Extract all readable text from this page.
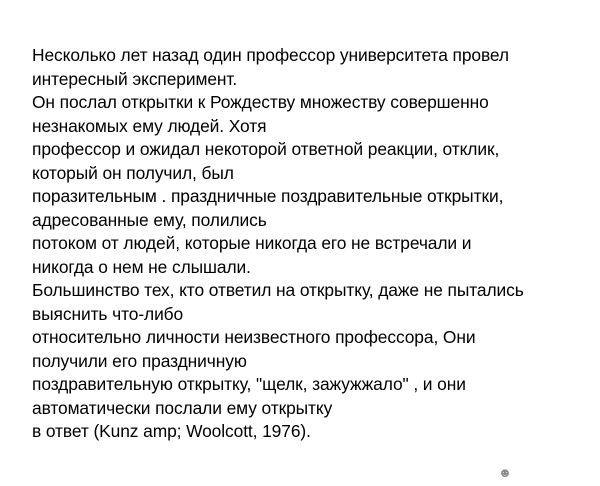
Несколько лет назад один профессор университета провел
интересный эксперимент.
Он послал открытки к Рождеству множеству совершенно
незнакомых ему людей. Хотя
профессор и ожидал некоторой ответной реакции, отклик,
который он получил, был
поразительным . праздничные поздравительные открытки,
адресованные ему, полились
потоком от людей, которые никогда его не встречали и
никогда о нем не слышали.
Большинство тех, кто ответил на открытку, даже не пытались
выяснить что-либо
относительно личности неизвестного профессора, Они
получили его праздничную
поздравительную открытку, "щелк, зажужжало" , и они
автоматически послали ему открытку
в ответ (Kunz amp; Woolcott, 1976).
☻
